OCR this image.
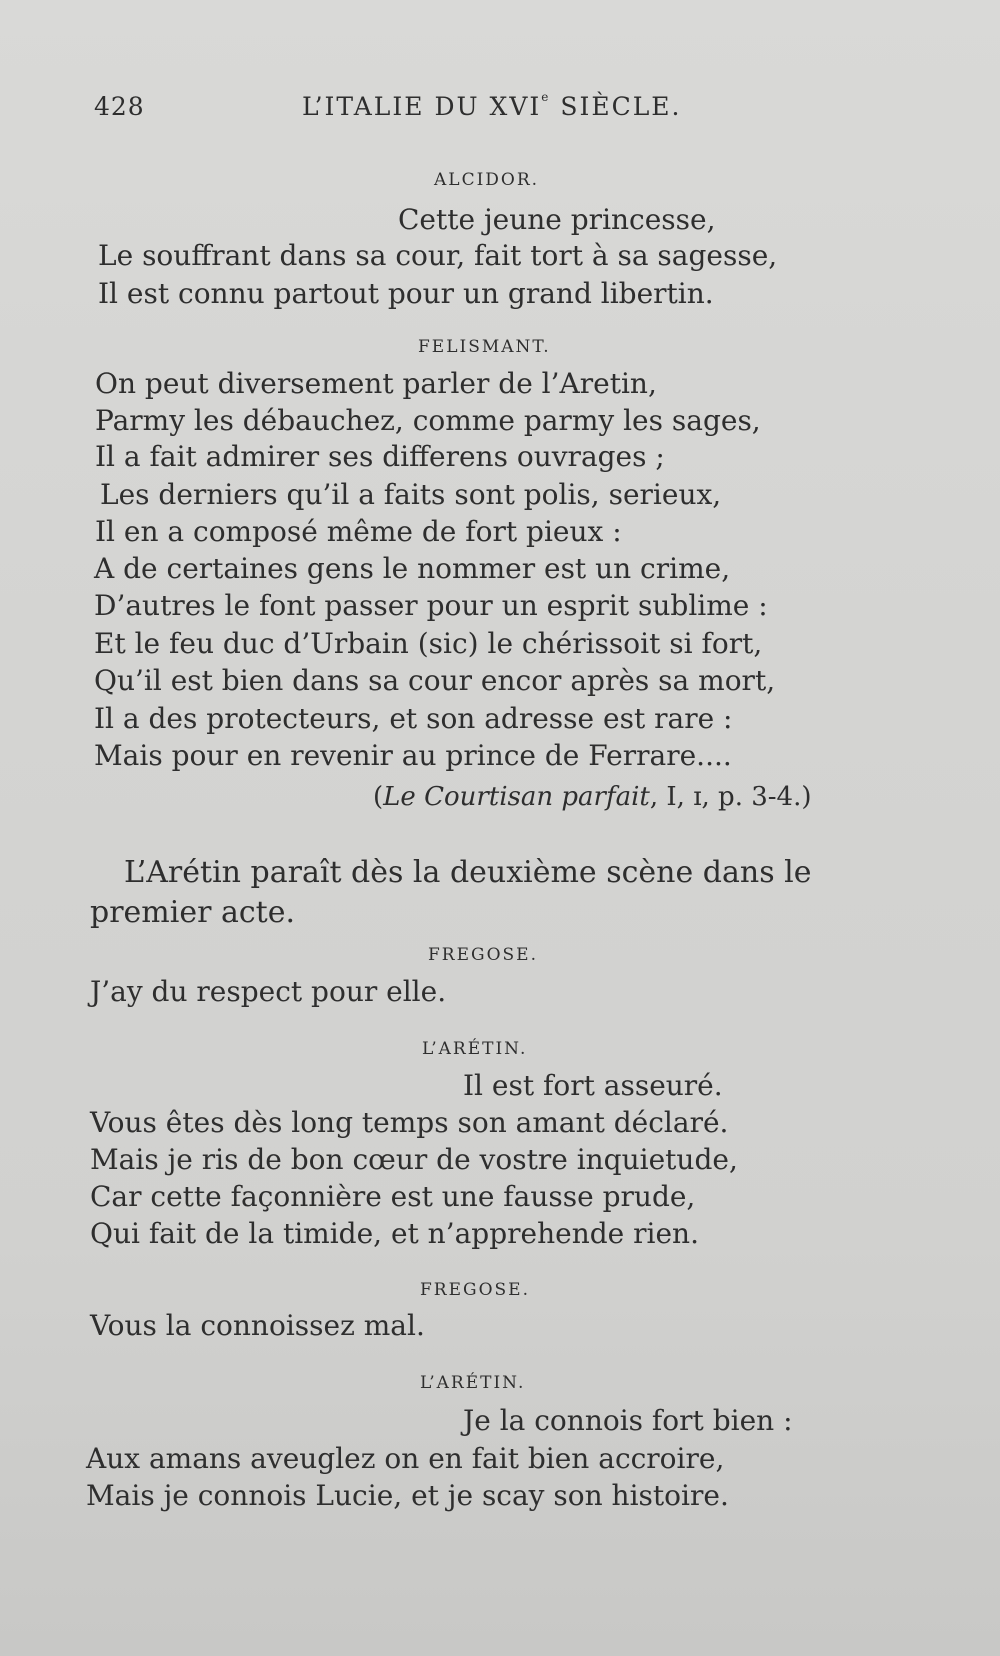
428	L’ITALIE DU XVIe SIÈCLE.
ALCIDOR.
Cette jeune princesse,
Le souffrant dans sa cour, fait tort à sa sagesse,
Il est connu partout pour un grand libertin.
FELISMANT.
On peut diversement parler de l’Aretin,
Parmy les débauchez, comme parmy les sages,
Il a fait admirer ses differens ouvrages ;
Les derniers qu’il a faits sont polis, serieux,
Il en a composé même de fort pieux :
A de certaines gens le nommer est un crime,
D’autres le font passer pour un esprit sublime :
Et le feu duc d’Urbain (sic) le chérissoit si fort,
Qu’il est bien dans sa cour encor après sa mort,
Il a des protecteurs, et son adresse est rare :
Mais pour en revenir au prince de Ferrare....
(Le Courtisan parfait, I, ɪ, p. 3-4.)
L’Arétin paraît dès la deuxième scène dans le
premier acte.
FREGOSE.
J’ay du respect pour elle.
L’ARÉTIN.
Il est fort asseuré.
Vous êtes dès long temps son amant déclaré.
Mais je ris de bon cœur de vostre inquietude,
Car cette façonnière est une fausse prude,
Qui fait de la timide, et n’apprehende rien.
FREGOSE.
Vous la connoissez mal.
L’ARÉTIN.
Je la connois fort bien :
Aux amans aveuglez on en fait bien accroire,
Mais je connois Lucie, et je scay son histoire.
